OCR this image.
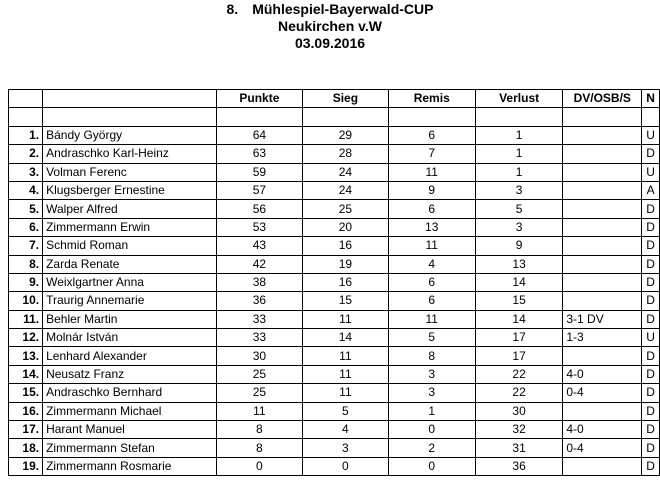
8. Mühlespiel-Bayerwald-CUP
Neukirchen v.W
03.09.2016
		Punkte	Sieg	Remis	Verlust	DV/OSB/S	N

1.	Bándy György	64	29	6	1		U
2.	Andraschko Karl-Heinz	63	28	7	1		D
3.	Volman Ferenc	59	24	11	1		U
4.	Klugsberger Ernestine	57	24	9	3		A
5.	Walper Alfred	56	25	6	5		D
6.	Zimmermann Erwin	53	20	13	3		D
7.	Schmid Roman	43	16	11	9		D
8.	Zarda Renate	42	19	4	13		D
9.	Weixlgartner Anna	38	16	6	14		D
10.	Traurig Annemarie	36	15	6	15		D
11.	Behler Martin	33	11	11	14	3-1 DV	D
12.	Molnár István	33	14	5	17	1-3	U
13.	Lenhard Alexander	30	11	8	17		D
14.	Neusatz Franz	25	11	3	22	4-0	D
15.	Andraschko Bernhard	25	11	3	22	0-4	D
16.	Zimmermann Michael	11	5	1	30		D
17.	Harant Manuel	8	4	0	32	4-0	D
18.	Zimmermann Stefan	8	3	2	31	0-4	D
19.	Zimmermann Rosmarie	0	0	0	36		D
